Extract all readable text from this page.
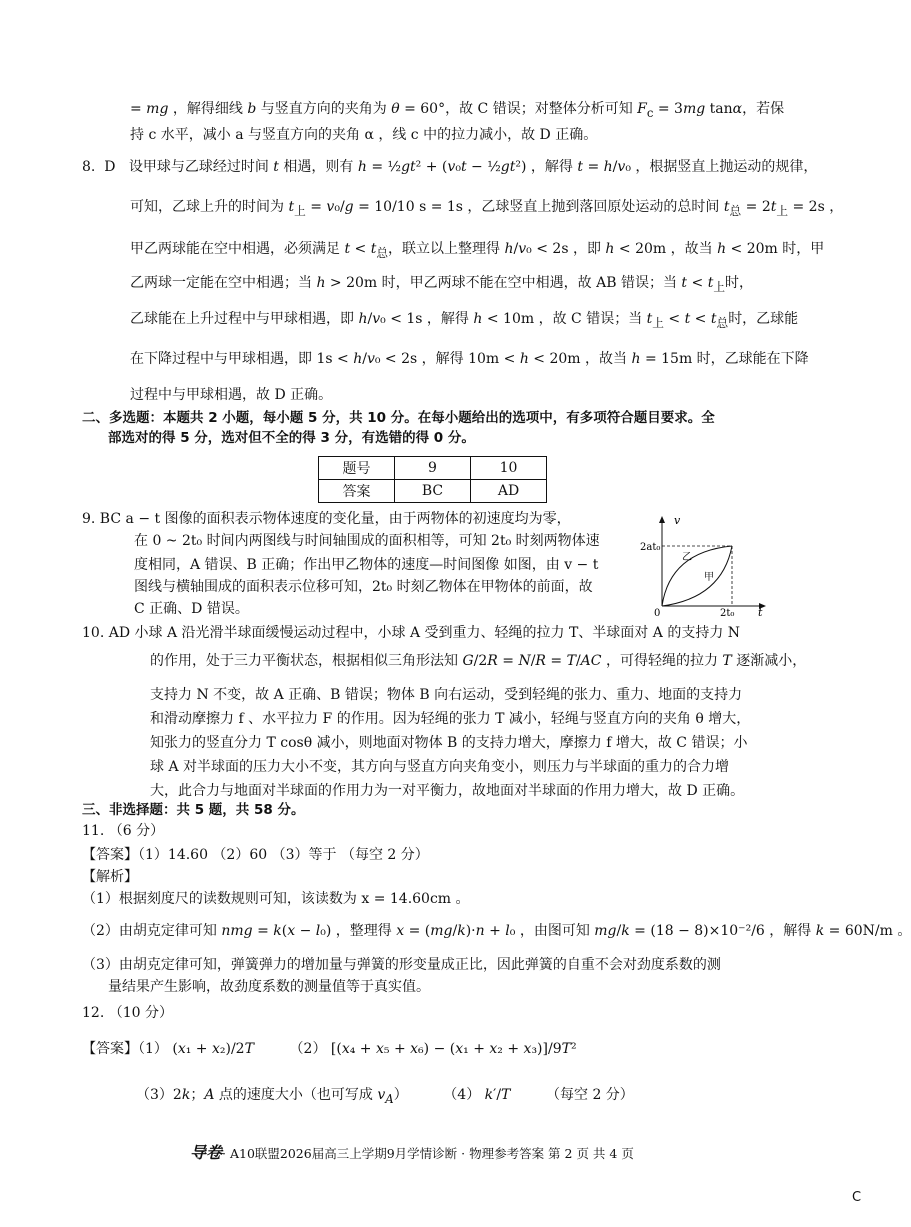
= mg ，解得细线 b 与竖直方向的夹角为 θ = 60°，故 C 错误；对整体分析可知 $F_c = 3mg$ tanα，若保
持 c 水平，减小 a 与竖直方向的夹角 α ，线 c 中的拉力减小，故 D 正确。
8.  D   设甲球与乙球经过时间 t 相遇，则有 h = ½gt² + (v₀t − ½gt²) ，解得 t = h/v₀ ，根据竖直上抛运动的规律，
可知，乙球上升的时间为 $t_上 = v_0/g = 10/10$ s = 1s ，乙球竖直上抛到落回原处运动的总时间 $t_总 = 2t_上 = 2s$ ，
甲乙两球能在空中相遇，必须满足 $t < t_总$，联立以上整理得 h/v₀ < 2s ，即 h < 20m ，故当 h < 20m 时，甲
乙两球一定能在空中相遇；当 h > 20m 时，甲乙两球不能在空中相遇，故 AB 错误；当 $t < t_上$时，
乙球能在上升过程中与甲球相遇，即 h/v₀ < 1s ，解得 h < 10m ，故 C 错误；当 $t_上 < t < t_总$时，乙球能
在下降过程中与甲球相遇，即 1s < h/v₀ < 2s ，解得 10m < h < 20m ，故当 h = 15m 时，乙球能在下降
过程中与甲球相遇，故 D 正确。
二、多选题：本题共 2 小题，每小题 5 分，共 10 分。在每小题给出的选项中，有多项符合题目要求。全
部选对的得 5 分，选对但不全的得 3 分，有选错的得 0 分。
题号	9	10
答案	BC	AD
9. BC a − t 图像的面积表示物体速度的变化量，由于两物体的初速度均为零，
在 0 ~ 2t₀ 时间内两图线与时间轴围成的面积相等，可知 2t₀ 时刻两物体速
度相同，A 错误、B 正确；作出甲乙物体的速度—时间图像 如图，由 v − t
图线与横轴围成的面积表示位移可知，2t₀ 时刻乙物体在甲物体的前面，故
C 正确、D 错误。
v
t
2at₀
2t₀
0
乙
甲
10. AD 小球 A 沿光滑半球面缓慢运动过程中，小球 A 受到重力、轻绳的拉力 T、半球面对 A 的支持力 N
的作用，处于三力平衡状态，根据相似三角形法知 G/2R = N/R = T/AC ，可得轻绳的拉力 T 逐渐减小，
支持力 N 不变，故 A 正确、B 错误；物体 B 向右运动，受到轻绳的张力、重力、地面的支持力
和滑动摩擦力 f 、水平拉力 F 的作用。因为轻绳的张力 T 减小，轻绳与竖直方向的夹角 θ 增大，
知张力的竖直分力 T cosθ 减小，则地面对物体 B 的支持力增大，摩擦力 f 增大，故 C 错误；小
球 A 对半球面的压力大小不变，其方向与竖直方向夹角变小，则压力与半球面的重力的合力增
大，此合力与地面对半球面的作用力为一对平衡力，故地面对半球面的作用力增大，故 D 正确。
三、非选择题：共 5 题，共 58 分。
11. （6 分）
【答案】（1）14.60 （2）60 （3）等于 （每空 2 分）
【解析】
（1）根据刻度尺的读数规则可知，该读数为 x = 14.60cm 。
（2）由胡克定律可知 nmg = k(x − l₀) ，整理得 x = (mg/k)·n + l₀ ，由图可知 mg/k = (18 − 8)×10⁻²/6 ，解得 k = 60N/m 。
（3）由胡克定律可知，弹簧弹力的增加量与弹簧的形变量成正比，因此弹簧的自重不会对劲度系数的测
量结果产生影响，故劲度系数的测量值等于真实值。
12. （10 分）
【答案】（1） (x₁ + x₂)/2T        （2） [(x₄ + x₅ + x₆) − (x₁ + x₂ + x₃)]/9T²
（3）2k；A 点的速度大小（也可写成 $v_A$）        （4） k′/T        （每空 2 分）
导卷· A10联盟2026届高三上学期9月学情诊断 · 物理参考答案 第 2 页 共 4 页
C
